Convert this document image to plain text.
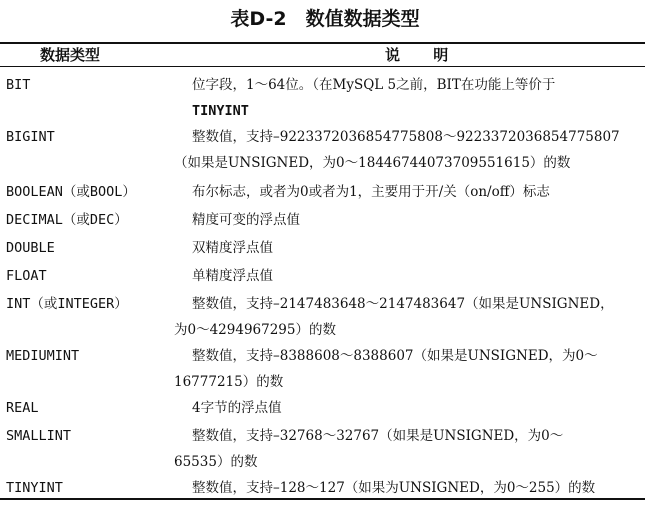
表D-2　数值数据类型
数据类型	说 明
BIT	位字段，1～64位。（在MySQL 5之前，BIT在功能上等价于
TINYINT
BIGINT	整数值，支持–9223372036854775808～9223372036854775807
（如果是UNSIGNED，为0～18446744073709551615）的数
BOOLEAN（或BOOL）	布尔标志，或者为0或者为1，主要用于开/关（on/off）标志
DECIMAL（或DEC）	精度可变的浮点值
DOUBLE	双精度浮点值
FLOAT	单精度浮点值
INT（或INTEGER）	整数值，支持–2147483648～2147483647（如果是UNSIGNED，
为0～4294967295）的数
MEDIUMINT	整数值，支持–8388608～8388607（如果是UNSIGNED，为0～
16777215）的数
REAL	4字节的浮点值
SMALLINT	整数值，支持–32768～32767（如果是UNSIGNED，为0～
65535）的数
TINYINT	整数值，支持–128～127（如果为UNSIGNED，为0～255）的数
